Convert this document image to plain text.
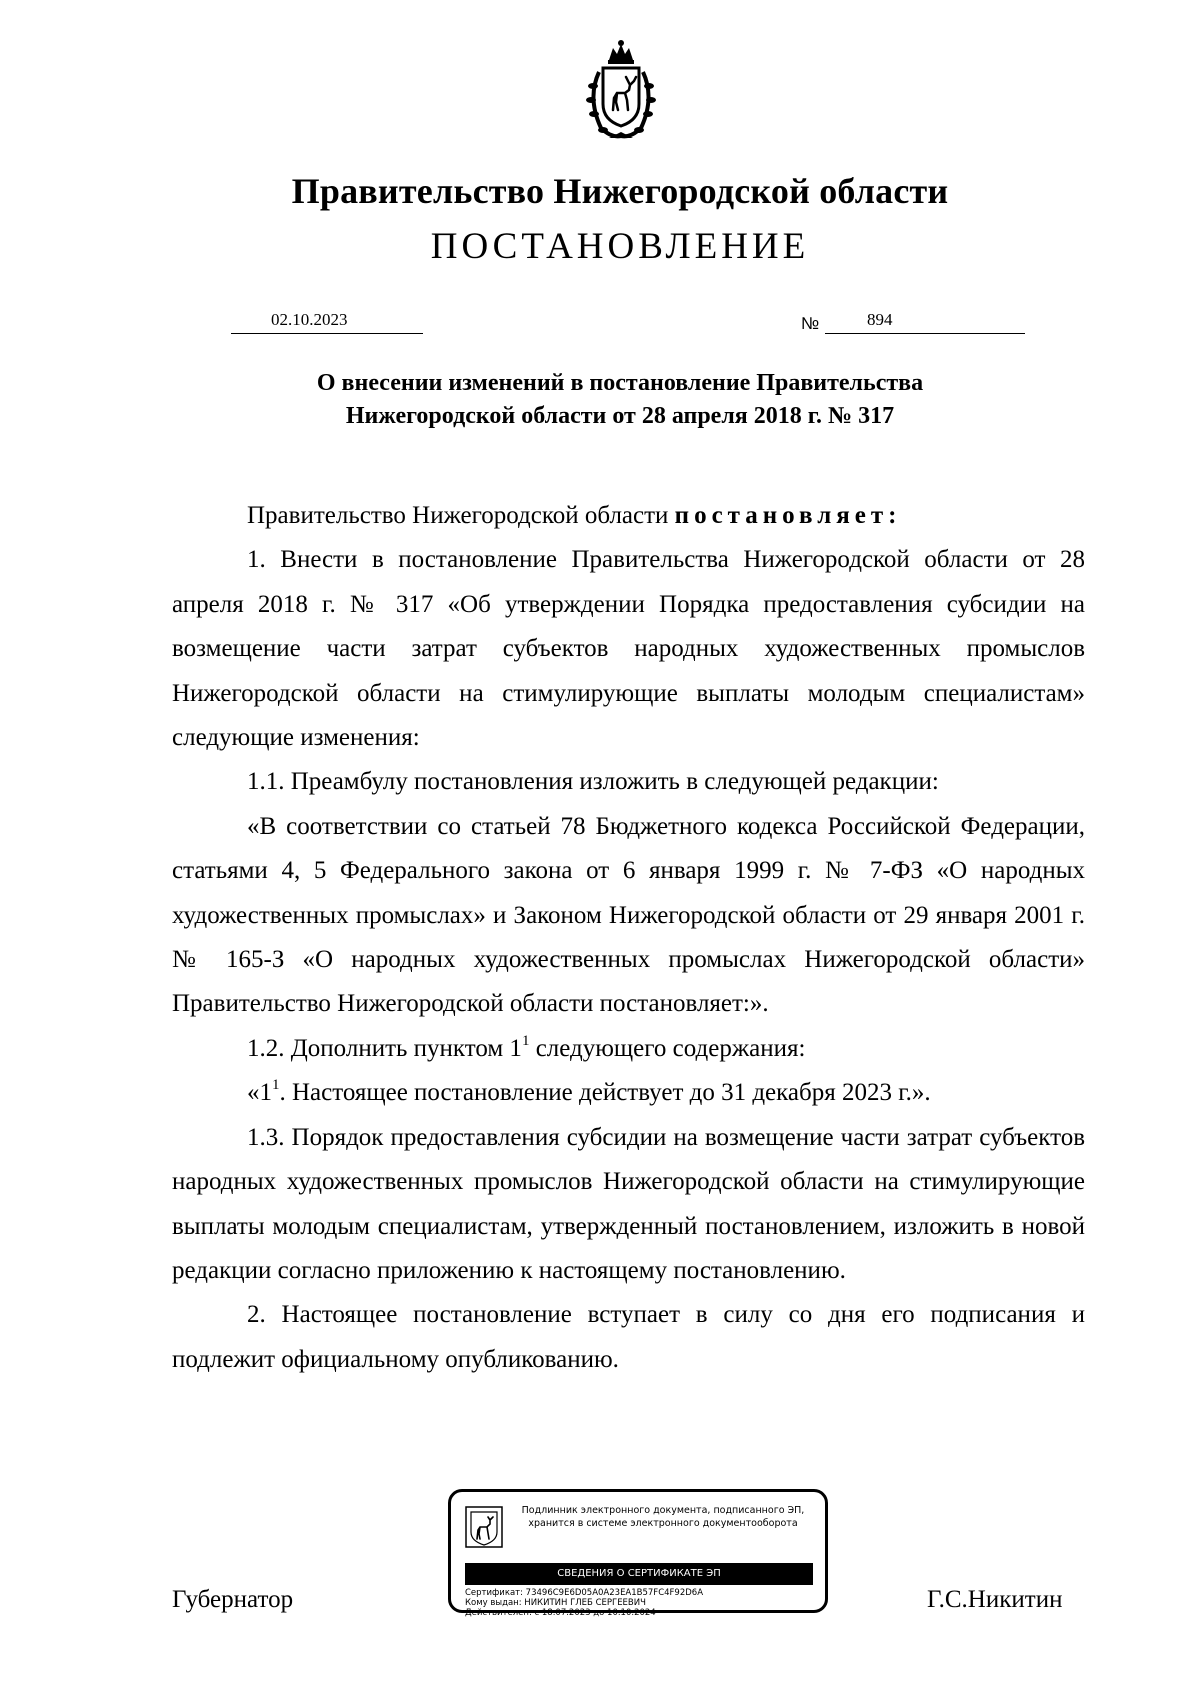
Правительство Нижегородской области
ПОСТАНОВЛЕНИЕ
02.10.2023	№	894
О внесении изменений в постановление Правительства
Нижегородской области от 28 апреля 2018 г. № 317

Правительство Нижегородской области постановляет:

1. Внести в постановление Правительства Нижегородской области от 28 апреля 2018 г. № 317 «Об утверждении Порядка предоставления субсидии на возмещение части затрат субъектов народных художественных промыслов Нижегородской области на стимулирующие выплаты молодым специалистам» следующие изменения:

1.1. Преамбулу постановления изложить в следующей редакции:

«В соответствии со статьей 78 Бюджетного кодекса Российской Федерации, статьями 4, 5 Федерального закона от 6 января 1999 г. № 7-ФЗ «О народных художественных промыслах» и Законом Нижегородской области от 29 января 2001 г. № 165-З «О народных художественных промыслах Нижегородской области» Правительство Нижегородской области постановляет:».

1.2. Дополнить пунктом $1^1$ следующего содержания:

«$1^1$. Настоящее постановление действует до 31 декабря 2023 г.».

1.3. Порядок предоставления субсидии на возмещение части затрат субъектов народных художественных промыслов Нижегородской области на стимулирующие выплаты молодым специалистам, утвержденный постановлением, изложить в новой редакции согласно приложению к настоящему постановлению.

2. Настоящее постановление вступает в силу со дня его подписания и подлежит официальному опубликованию.

Губернатор	Г.С.Никитин
Подлинник электронного документа, подписанного ЭП,
хранится в системе электронного документооборота
СВЕДЕНИЯ О СЕРТИФИКАТЕ ЭП
Сертификат: 73496C9E6D05A0A23EA1B57FC4F92D6A
Кому выдан: НИКИТИН ГЛЕБ СЕРГЕЕВИЧ
Действителен: с 18.07.2023 до 10.10.2024
